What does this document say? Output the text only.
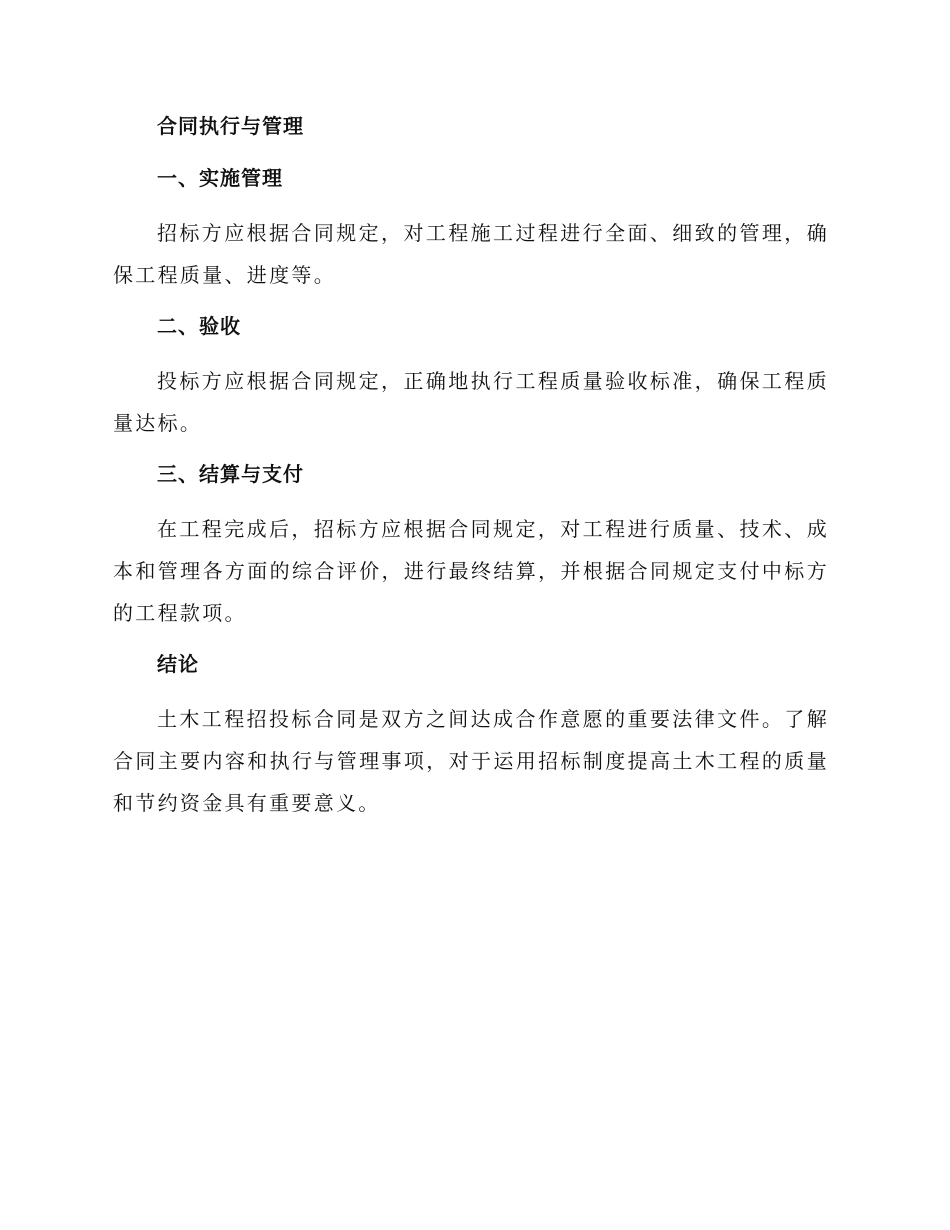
合同执行与管理
一、实施管理

招标方应根据合同规定，对工程施工过程进行全面、细致的管理，确保工程质量、进度等。

二、验收

投标方应根据合同规定，正确地执行工程质量验收标准，确保工程质量达标。

三、结算与支付

在工程完成后，招标方应根据合同规定，对工程进行质量、技术、成本和管理各方面的综合评价，进行最终结算，并根据合同规定支付中标方的工程款项。

结论

土木工程招投标合同是双方之间达成合作意愿的重要法律文件。了解合同主要内容和执行与管理事项，对于运用招标制度提高土木工程的质量和节约资金具有重要意义。
